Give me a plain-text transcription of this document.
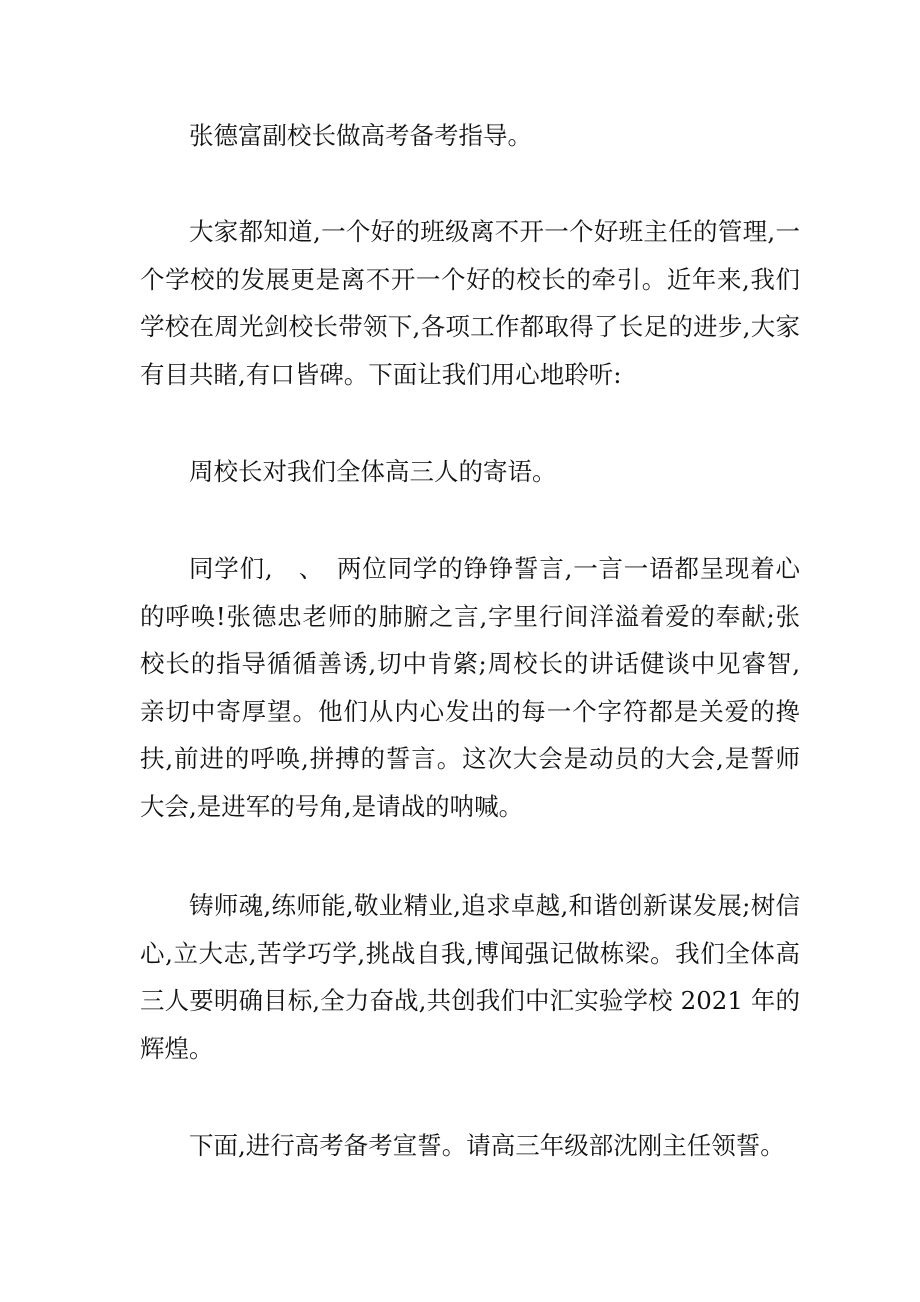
张德富副校长做高考备考指导。

大家都知道,一个好的班级离不开一个好班主任的管理,一个学校的发展更是离不开一个好的校长的牵引。近年来,我们学校在周光剑校长带领下,各项工作都取得了长足的进步,大家有目共睹,有口皆碑。下面让我们用心地聆听:

周校长对我们全体高三人的寄语。

同学们,　、　两位同学的铮铮誓言,一言一语都呈现着心的呼唤!张德忠老师的肺腑之言,字里行间洋溢着爱的奉献;张校长的指导循循善诱,切中肯綮;周校长的讲话健谈中见睿智,亲切中寄厚望。他们从内心发出的每一个字符都是关爱的搀扶,前进的呼唤,拼搏的誓言。这次大会是动员的大会,是誓师大会,是进军的号角,是请战的呐喊。

铸师魂,练师能,敬业精业,追求卓越,和谐创新谋发展;树信心,立大志,苦学巧学,挑战自我,博闻强记做栋梁。我们全体高三人要明确目标,全力奋战,共创我们中汇实验学校 2021 年的辉煌。

下面,进行高考备考宣誓。请高三年级部沈刚主任领誓。
